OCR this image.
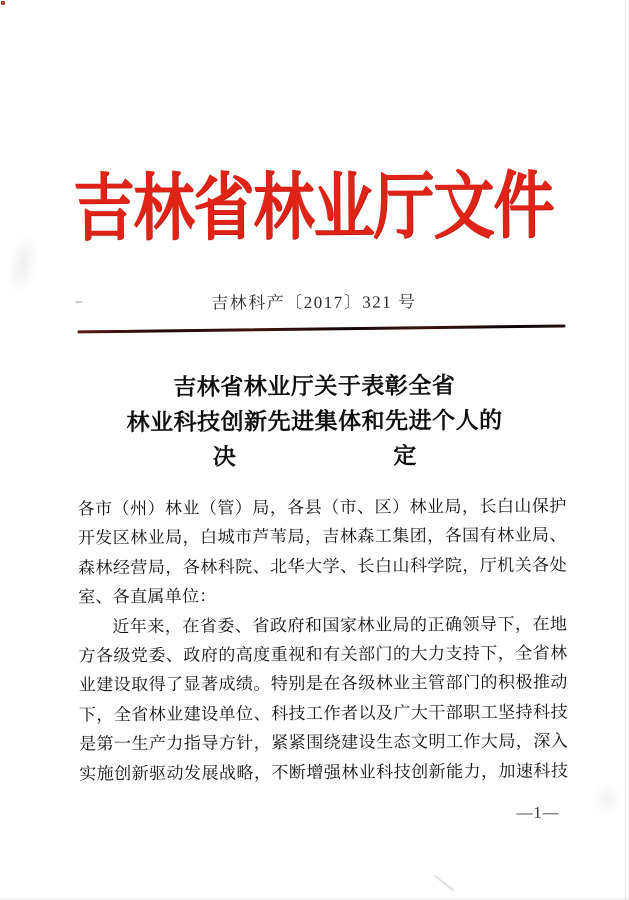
吉林省林业厅文件
吉林科产〔2017〕321 号
吉林省林业厅关于表彰全省
林业科技创新先进集体和先进个人的
决	定
各市（州）林业（管）局，各县（市、区）林业局，长白山保护
开发区林业局，白城市芦苇局，吉林森工集团，各国有林业局、
森林经营局，各林科院、北华大学、长白山科学院，厅机关各处
室、各直属单位：
近年来，在省委、省政府和国家林业局的正确领导下，在地
方各级党委、政府的高度重视和有关部门的大力支持下，全省林
业建设取得了显著成绩。特别是在各级林业主管部门的积极推动
下，全省林业建设单位、科技工作者以及广大干部职工坚持科技
是第一生产力指导方针，紧紧围绕建设生态文明工作大局，深入
实施创新驱动发展战略，不断增强林业科技创新能力，加速科技
—1—
